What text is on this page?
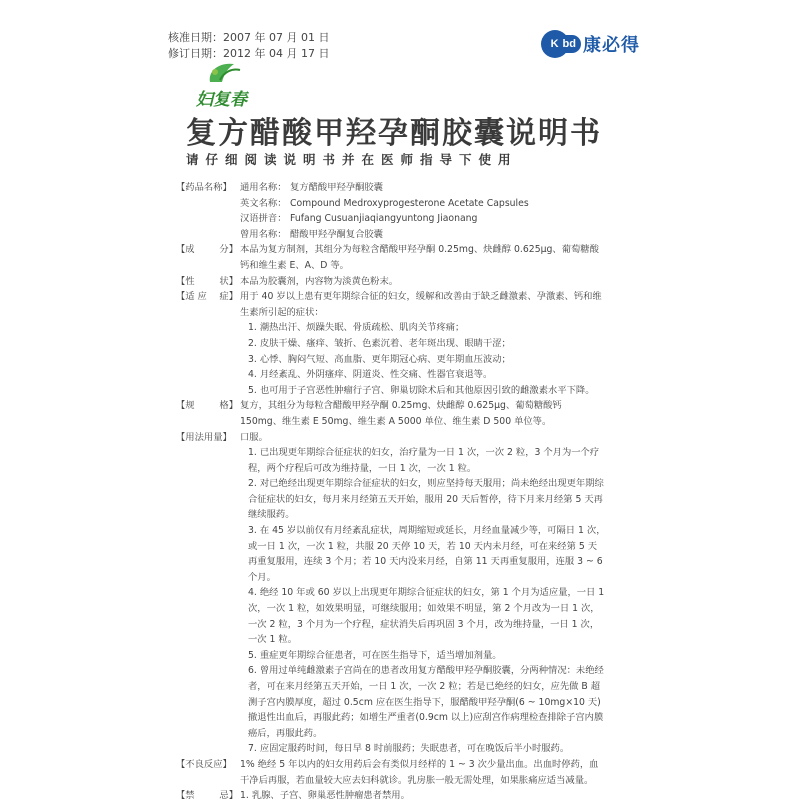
核准日期：2007 年 07 月 01 日
修订日期：2012 年 04 月 17 日
K bd 康必得
妇复春
复方醋酸甲羟孕酮胶囊说明书
请仔细阅读说明书并在医师指导下使用
【药品名称】 通用名称： 复方醋酸甲羟孕酮胶囊
英文名称： Compound Medroxyprogesterone Acetate Capsules
汉语拼音： Fufang Cusuanjiaqiangyuntong Jiaonang
曾用名称： 醋酸甲羟孕酮复合胶囊
【成	分】 本品为复方制剂，其组分为每粒含醋酸甲羟孕酮 0.25mg、炔雌醇 0.625μg、葡萄糖酸钙和维生素 E、A、D 等。
【性	状】 本品为胶囊剂，内容物为淡黄色粉末。
【适 应 症】 用于 40 岁以上患有更年期综合征的妇女，缓解和改善由于缺乏雌激素、孕激素、钙和维生素所引起的症状：
1. 潮热出汗、烦躁失眠、骨质疏松、肌肉关节疼痛；
2. 皮肤干燥、瘙痒、皱折、色素沉着、老年斑出现、眼睛干涩；
3. 心悸、胸闷气短、高血脂、更年期冠心病、更年期血压波动；
4. 月经紊乱、外阴瘙痒、阴道炎、性交痛、性器官衰退等。
5. 也可用于子宫恶性肿瘤行子宫、卵巢切除术后和其他原因引致的雌激素水平下降。
【规	格】 复方，其组分为每粒含醋酸甲羟孕酮 0.25mg、炔雌醇 0.625μg、葡萄糖酸钙 150mg、维生素 E 50mg、维生素 A 5000 单位、维生素 D 500 单位等。
【用法用量】 口服。
1. 已出现更年期综合征症状的妇女，治疗量为一日 1 次，一次 2 粒，3 个月为一个疗程，两个疗程后可改为维持量，一日 1 次，一次 1 粒。
2. 对已绝经出现更年期综合征症状的妇女，则应坚持每天服用；尚未绝经出现更年期综合征症状的妇女，每月来月经第五天开始，服用 20 天后暂停，待下月来月经第 5 天再继续服药。
3. 在 45 岁以前仅有月经紊乱症状，周期缩短或延长，月经血量减少等，可隔日 1 次，或一日 1 次，一次 1 粒，共服 20 天停 10 天，若 10 天内未月经，可在来经第 5 天再重复服用，连续 3 个月；若 10 天内没来月经，自第 11 天再重复服用，连服 3 ~ 6 个月。
4. 绝经 10 年或 60 岁以上出现更年期综合征症状的妇女，第 1 个月为适应量，一日 1 次，一次 1 粒，如效果明显，可继续服用；如效果不明显，第 2 个月改为一日 1 次，一次 2 粒，3 个月为一个疗程，症状消失后再巩固 3 个月，改为维持量，一日 1 次，一次 1 粒。
5. 重症更年期综合征患者，可在医生指导下，适当增加剂量。
6. 曾用过单纯雌激素子宫尚在的患者改用复方醋酸甲羟孕酮胶囊，分两种情况：未绝经者，可在来月经第五天开始，一日 1 次，一次 2 粒；若是已绝经的妇女，应先做 B 超测子宫内膜厚度，超过 0.5cm 应在医生指导下，服醋酸甲羟孕酮(6 ~ 10mg×10 天)撤退性出血后，再服此药；如增生严重者(0.9cm 以上)应刮宫作病理检查排除子宫内膜癌后，再服此药。
7. 应固定服药时间，每日早 8 时前服药；失眠患者，可在晚饭后半小时服药。
【不良反应】 1% 绝经 5 年以内的妇女用药后会有类似月经样的 1 ~ 3 次少量出血。出血时停药，血干净后再服，若血量较大应去妇科就诊。乳房胀一般无需处理，如果胀痛应适当减量。
【禁	忌】 1. 乳腺、子宫、卵巢恶性肿瘤患者禁用。
